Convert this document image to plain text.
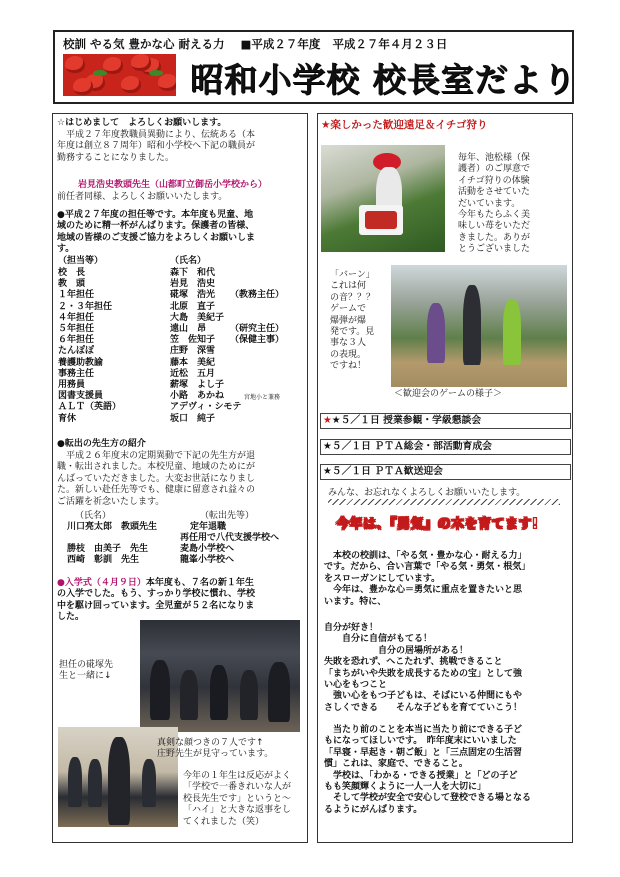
校訓 やる気 豊かな心 耐える力 ■平成２７年度 平成２７年４月２３日
昭和小学校 校長室だより
☆はじめまして　よろしくお願いします。
　平成２７年度教職員異動により、伝統ある（本
年度は創立８７周年）昭和小学校へ下記の職員が
勤務することになりました。
岩見浩史教頭先生（山都町立御岳小学校から）
前任者同様、よろしくお願いいたします。
●平成２７年度の担任等です。本年度も児童、地
域のために精一杯がんばります。保護者の皆様、
地域の皆様のご支援ご協力をよろしくお願いしま
す。
（担当等）	（氏名）
校　長	森下　和代
教　頭	岩見　浩史
１年担任	硴塚　浩光 （教務主任）
２・３年担任	北原　直子
４年担任	大島　美紀子
５年担任	遠山　昂	（研究主任）
６年担任	笠　佐知子 （保健主事）
たんぽぽ	庄野　深雪
養護助教諭	藤本　美紀
事務主任	近松　五月
用務員	薪塚　よし子
図書支援員	小路　あかね	宮地小と兼務
ＡＬＴ（英語）	アデヴィ・シモテ
育休	坂口　純子
●転出の先生方の紹介
　平成２６年度末の定期異動で下記の先生方が退
職・転出されました。本校児童、地域のためにが
んばっていただきました。大変お世話になりまし
た。新しい赴任先等でも、健康に留意され益々の
ご活躍を祈念いたします。
（氏名）	（転出先等）
川口亮太郎　教頭先生	定年退職
再任用で八代支援学校へ
勝枝　由美子　先生	麦島小学校へ
西崎　彰訓　先生	龍峯小学校へ
●入学式（４月９日）本年度も、７名の新１年生
の入学でした。もう、すっかり学校に慣れ、学校
中を駆け回っています。全児童が５２名になりま
した。
担任の硴塚先
生と一緒に↓
真剣な顔つきの７人です↑
庄野先生が見守っています。
今年の１年生は反応がよく
「学校で一番きれいな人が
校長先生です」というと～
「ハイ」と大きな返事をし
てくれました（笑）
★楽しかった歓迎遠足＆イチゴ狩り
毎年、池松様（保
護者）のご厚意で
イチゴ狩りの体験
活動をさせていた
だいています。
今年もたらふく美
味しい苺をいただ
きました。ありが
とうございました
「バーン」
これは何
の音？？？
ゲームで
爆弾が爆
発です。見
事な３人
の表現。
ですね！
＜歓迎会のゲームの様子＞
★★５／１日 授業参観・学級懇談会
★５／１日 ＰＴＡ総会・部活動育成会
★５／１日 ＰＴＡ歓送迎会
みんな、お忘れなくよろしくお願いいたします。
今年は、『勇気』の木を育てます!
　本校の校訓は、「やる気・豊かな心・耐える力」
です。だから、合い言葉で「やる気・勇気・根気」
をスローガンにしています。
　今年は、豊かな心＝勇気に重点を置きたいと思
います。特に、
自分が好き！
　　自分に自信がもてる！
　　　　　　自分の居場所がある！
失敗を恐れず、へこたれず、挑戦できること
「まちがいや失敗を成長するための宝」として強
い心をもつこと
　強い心をもつ子どもは、そばにいる仲間にもや
さしくできる　　そんな子どもを育てていこう！
　当たり前のことを本当に当たり前にできる子ど
もになってほしいです。　昨年度末にいいました
「早寝・早起き・朝ご飯」と「三点固定の生活習
慣」これは、家庭で、できること。
　学校は、「わかる・できる授業」と「どの子ど
もも笑顔輝くように一人一人を大切に」
　そして学校が安全で安心して登校できる場となる
るようにがんばります。
